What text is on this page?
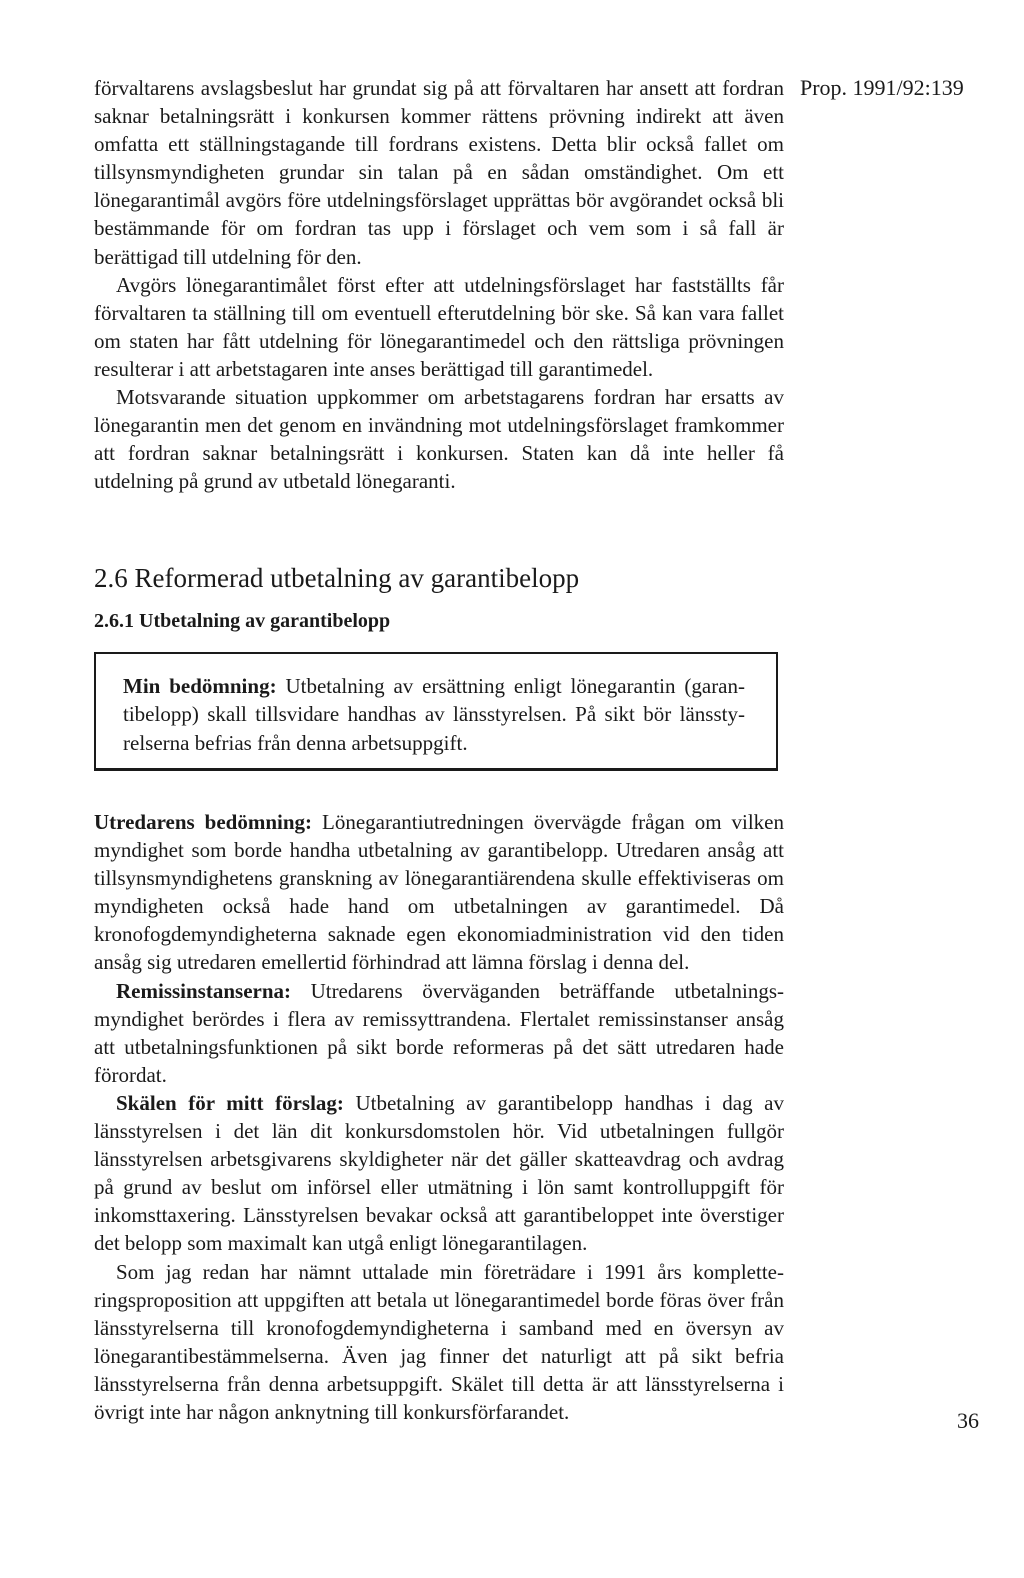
Prop. 1991/92:139

förvaltarens avslagsbeslut har grundat sig på att förvaltaren har ansett att fordran saknar betalningsrätt i konkursen kommer rättens prövning indirekt att även omfatta ett ställningstagande till fordrans existens. Detta blir också fallet om tillsynsmyndigheten grundar sin talan på en sådan omständighet. Om ett lönegarantimål avgörs före utdelningsförslaget upprättas bör avgörandet också bli bestämmande för om fordran tas upp i förslaget och vem som i så fall är berättigad till utdelning för den.

Avgörs lönegarantimålet först efter att utdelningsförslaget har fastställts får förvaltaren ta ställning till om eventuell efterutdelning bör ske. Så kan vara fallet om staten har fått utdelning för lönegarantimedel och den rättsliga prövningen resulterar i att arbetstagaren inte anses berättigad till garantimedel.

Motsvarande situation uppkommer om arbetstagarens fordran har ersatts av lönegarantin men det genom en invändning mot utdelningsförslaget framkommer att fordran saknar betalningsrätt i konkursen. Staten kan då inte heller få utdelning på grund av utbetald lönegaranti.

2.6 Reformerad utbetalning av garantibelopp
2.6.1 Utbetalning av garantibelopp
Min bedömning: Utbetalning av ersättning enligt lönegarantin (garantibelopp) skall tillsvidare handhas av länsstyrelsen. På sikt bör länsstyrelserna befrias från denna arbetsuppgift.

Utredarens bedömning: Lönegarantiutredningen övervägde frågan om vilken myndighet som borde handha utbetalning av garantibelopp. Utredaren ansåg att tillsynsmyndighetens granskning av lönegarantiärendena skulle effektiviseras om myndigheten också hade hand om utbetalningen av garantimedel. Då kronofogdemyndigheterna saknade egen ekonomiadministration vid den tiden ansåg sig utredaren emellertid förhindrad att lämna förslag i denna del.

Remissinstanserna: Utredarens överväganden beträffande utbetalningsmyndighet berördes i flera av remissyttrandena. Flertalet remissinstanser ansåg att utbetalningsfunktionen på sikt borde reformeras på det sätt utredaren hade förordat.

Skälen för mitt förslag: Utbetalning av garantibelopp handhas i dag av länsstyrelsen i det län dit konkursdomstolen hör. Vid utbetalningen fullgör länsstyrelsen arbetsgivarens skyldigheter när det gäller skatteavdrag och avdrag på grund av beslut om införsel eller utmätning i lön samt kontrolluppgift för inkomsttaxering. Länsstyrelsen bevakar också att garantibeloppet inte överstiger det belopp som maximalt kan utgå enligt lönegarantilagen.

Som jag redan har nämnt uttalade min företrädare i 1991 års kompletteringsproposition att uppgiften att betala ut lönegarantimedel borde föras över från länsstyrelserna till kronofogdemyndigheterna i samband med en översyn av lönegarantibestämmelserna. Även jag finner det naturligt att på sikt befria länsstyrelserna från denna arbetsuppgift. Skälet till detta är att länsstyrelserna i övrigt inte har någon anknytning till konkursförfarandet.	36
